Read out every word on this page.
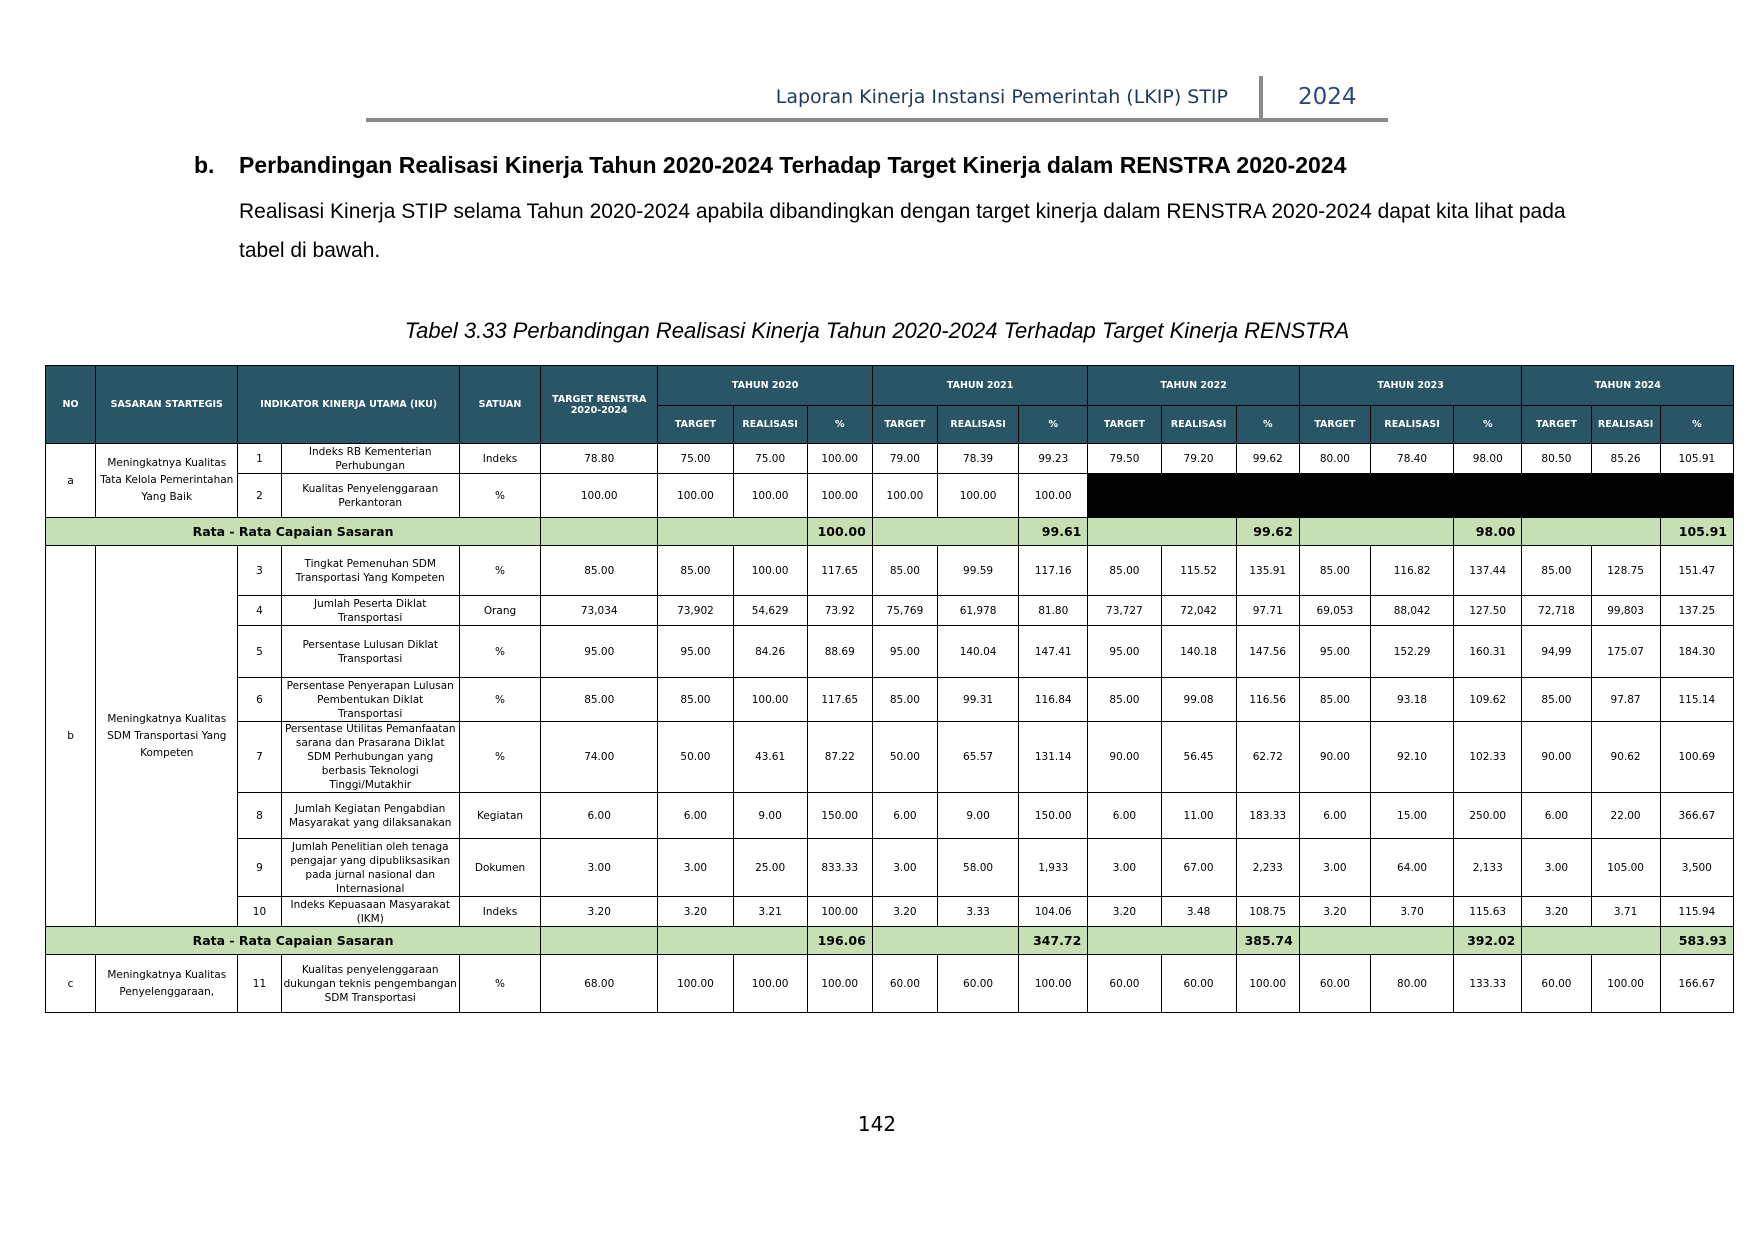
Laporan Kinerja Instansi Pemerintah (LKIP) STIP	2024
b. Perbandingan Realisasi Kinerja Tahun 2020-2024 Terhadap Target Kinerja dalam RENSTRA 2020-2024
Realisasi Kinerja STIP selama Tahun 2020-2024 apabila dibandingkan dengan target kinerja dalam RENSTRA 2020-2024 dapat kita lihat pada tabel di bawah.
Tabel 3.33 Perbandingan Realisasi Kinerja Tahun 2020-2024 Terhadap Target Kinerja RENSTRA
NO	SASARAN STARTEGIS	INDIKATOR KINERJA UTAMA (IKU)		SATUAN	TARGET RENSTRA 2020-2024	TAHUN 2020			TAHUN 2021			TAHUN 2022			TAHUN 2023			TAHUN 2024		
						TARGET	REALISASI	%	TARGET	REALISASI	%	TARGET	REALISASI	%	TARGET	REALISASI	%	TARGET	REALISASI	%
a	Meningkatnya Kualitas Tata Kelola Pemerintahan Yang Baik	1	Indeks RB Kementerian Perhubungan	Indeks	78.80	75.00	75.00	100.00	79.00	78.39	99.23	79.50	79.20	99.62	80.00	78.40	98.00	80.50	85.26	105.91
		2	Kualitas Penyelenggaraan Perkantoran	%	100.00	100.00	100.00	100.00	100.00	100.00	100.00									
Rata - Rata Capaian Sasaran								100.00			99.61			99.62			98.00			105.91
b	Meningkatnya Kualitas SDM Transportasi Yang Kompeten	3	Tingkat Pemenuhan SDM Transportasi Yang Kompeten	%	85.00	85.00	100.00	117.65	85.00	99.59	117.16	85.00	115.52	135.91	85.00	116.82	137.44	85.00	128.75	151.47
		4	Jumlah Peserta Diklat Transportasi	Orang	73,034	73,902	54,629	73.92	75,769	61,978	81.80	73,727	72,042	97.71	69,053	88,042	127.50	72,718	99,803	137.25
		5	Persentase Lulusan Diklat Transportasi	%	95.00	95.00	84.26	88.69	95.00	140.04	147.41	95.00	140.18	147.56	95.00	152.29	160.31	94,99	175.07	184.30
		6	Persentase Penyerapan Lulusan Pembentukan Diklat Transportasi	%	85.00	85.00	100.00	117.65	85.00	99.31	116.84	85.00	99.08	116.56	85.00	93.18	109.62	85.00	97.87	115.14
		7	Persentase Utilitas Pemanfaatan sarana dan Prasarana Diklat SDM Perhubungan yang berbasis Teknologi Tinggi/Mutakhir	%	74.00	50.00	43.61	87.22	50.00	65.57	131.14	90.00	56.45	62.72	90.00	92.10	102.33	90.00	90.62	100.69
		8	Jumlah Kegiatan Pengabdian Masyarakat yang dilaksanakan	Kegiatan	6.00	6.00	9.00	150.00	6.00	9.00	150.00	6.00	11.00	183.33	6.00	15.00	250.00	6.00	22.00	366.67
		9	Jumlah Penelitian oleh tenaga pengajar yang dipubliksasikan pada jurnal nasional dan Internasional	Dokumen	3.00	3.00	25.00	833.33	3.00	58.00	1,933	3.00	67.00	2,233	3.00	64.00	2,133	3.00	105.00	3,500
		10	Indeks Kepuasaan Masyarakat (IKM)	Indeks	3.20	3.20	3.21	100.00	3.20	3.33	104.06	3.20	3.48	108.75	3.20	3.70	115.63	3.20	3.71	115.94
Rata - Rata Capaian Sasaran								196.06			347.72			385.74			392.02			583.93
c	Meningkatnya Kualitas Penyelenggaraan,	11	Kualitas penyelenggaraan dukungan teknis pengembangan SDM Transportasi	%	68.00	100.00	100.00	100.00	60.00	60.00	100.00	60.00	60.00	100.00	60.00	80.00	133.33	60.00	100.00	166.67
142
